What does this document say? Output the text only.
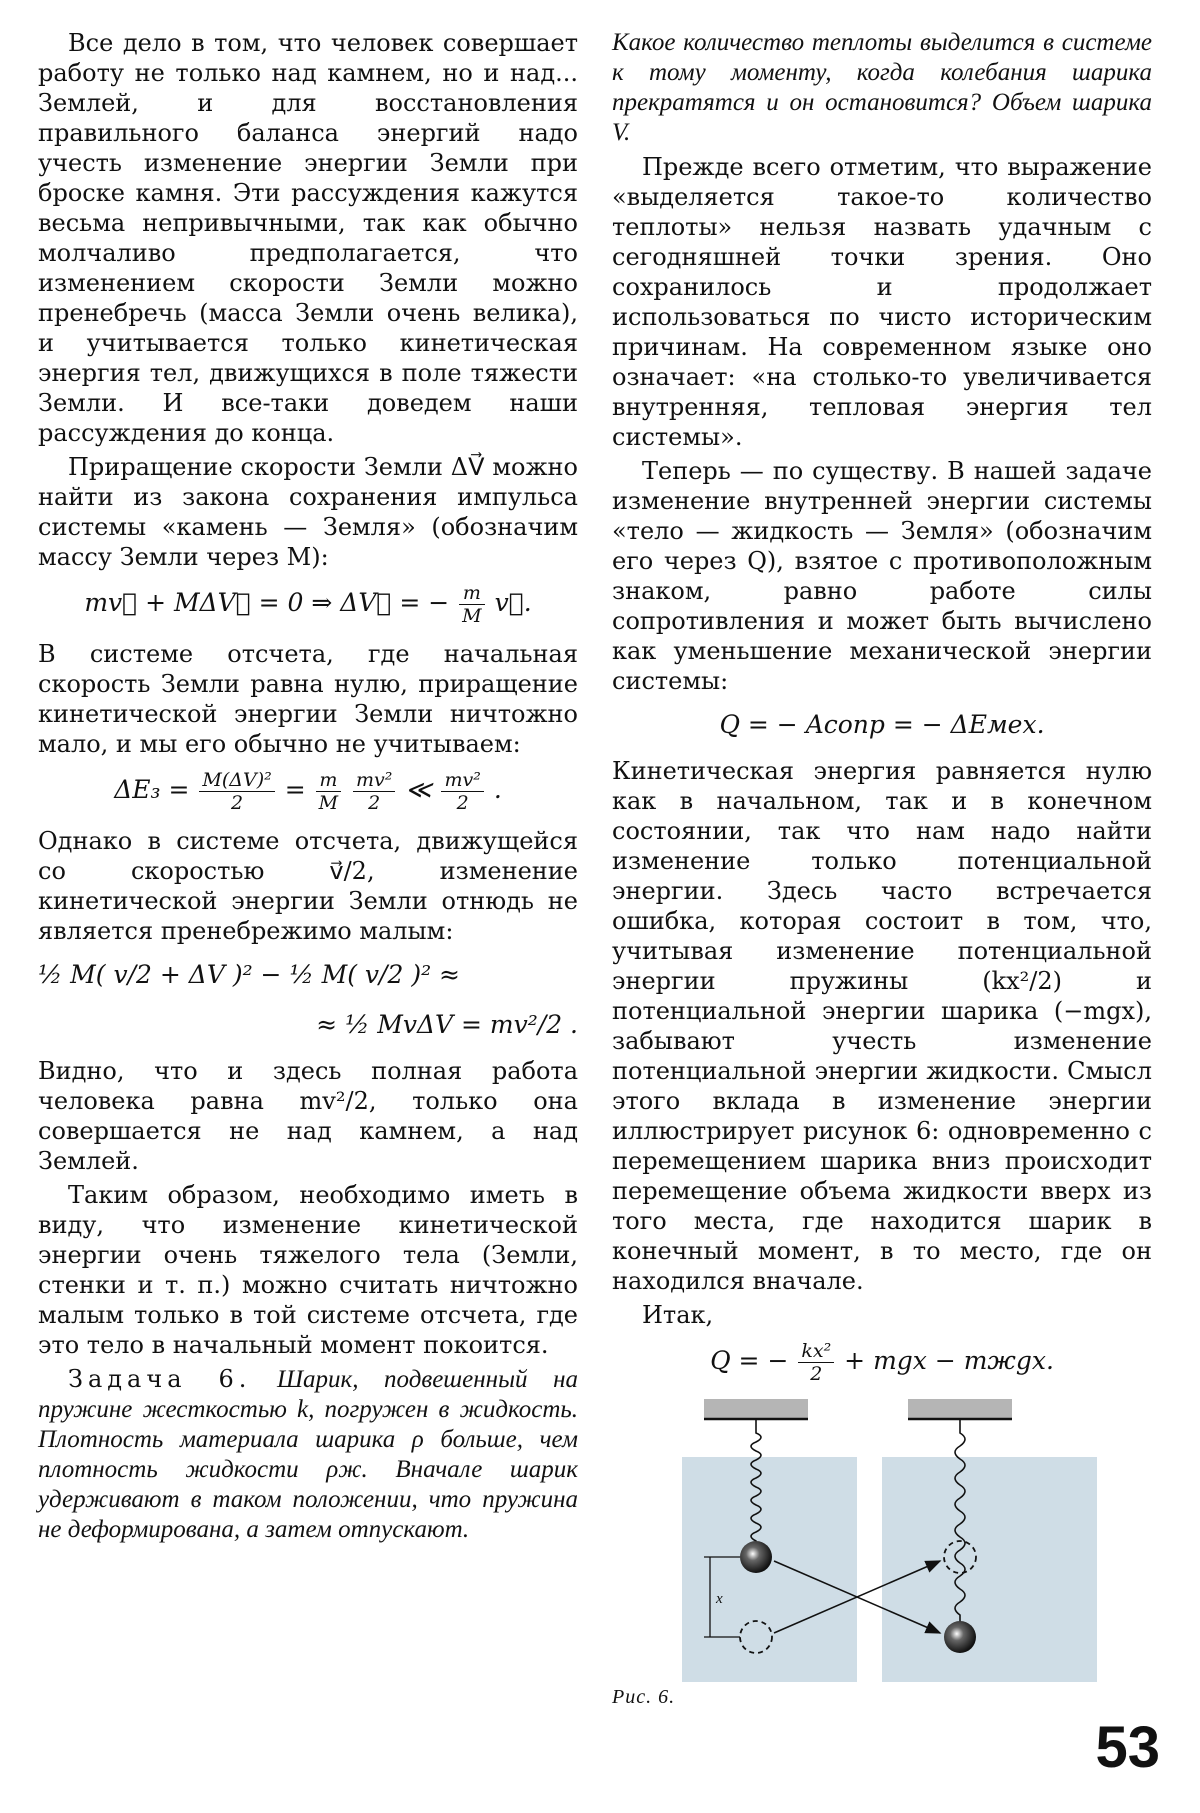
Все дело в том, что человек совершает работу не только над камнем, но и над... Землей, и для восстановления правильного баланса энергий надо учесть изменение энергии Земли при броске камня. Эти рассуждения кажутся весьма непривычными, так как обычно молчаливо предполагается, что изменением скорости Земли можно пренебречь (масса Земли очень велика), и учитывается только кинетическая энергия тел, движущихся в поле тяжести Земли. И все-таки доведем наши рассуждения до конца.

Приращение скорости Земли ΔV⃗ можно найти из закона сохранения импульса системы «камень — Земля» (обозначим массу Земли через M):

mv⃗ + MΔV⃗ = 0 ⇒ ΔV⃗ = − $\frac{m}{M}$ v⃗.

В системе отсчета, где начальная скорость Земли равна нулю, приращение кинетической энергии Земли ничтожно мало, и мы его обычно не учитываем:

$\Delta E_3 = \frac{\text{M(ΔV)²}}{2} = \frac{m}{M}$
$\frac{\text{mv²}}{2}$ ≪ $\frac{\text{mv²}}{2}$ .

Однако в системе отсчета, движущейся со скоростью v⃗/2, изменение кинетической энергии Земли отнюдь не является пренебрежимо малым:

½ M( v/2 + ΔV )² − ½ M( v/2 )² ≈
≈ ½ MvΔV = mv²/2 .

Видно, что и здесь полная работа человека равна mv²/2, только она совершается не над камнем, а над Землей.

Таким образом, необходимо иметь в виду, что изменение кинетической энергии очень тяжелого тела (Земли, стенки и т. п.) можно считать ничтожно малым только в той системе отсчета, где это тело в начальный момент покоится.

Задача 6. Шарик, подвешенный на пружине жесткостью k, погружен в жидкость. Плотность материала шарика ρ больше, чем плотность жидкости ρж. Вначале шарик удерживают в таком положении, что пружина не деформирована, а затем отпускают.

Какое количество теплоты выделится в системе к тому моменту, когда колебания шарика прекратятся и он остановится? Объем шарика V.

Прежде всего отметим, что выражение «выделяется такое-то количество теплоты» нельзя назвать удачным с сегодняшней точки зрения. Оно сохранилось и продолжает использоваться по чисто историческим причинам. На современном языке оно означает: «на столько-то увеличивается внутренняя, тепловая энергия тел системы».

Теперь — по существу. В нашей задаче изменение внутренней энергии системы «тело — жидкость — Земля» (обозначим его через Q), взятое с противоположным знаком, равно работе силы сопротивления и может быть вычислено как уменьшение механической энергии системы:

Q = − Aсопр = − ΔEмех.

Кинетическая энергия равняется нулю как в начальном, так и в конечном состоянии, так что нам надо найти изменение только потенциальной энергии. Здесь часто встречается ошибка, которая состоит в том, что, учитывая изменение потенциальной энергии пружины (kx²/2) и потенциальной энергии шарика (−mgx), забывают учесть изменение потенциальной энергии жидкости. Смысл этого вклада в изменение энергии иллюстрирует рисунок 6: одновременно с перемещением шарика вниз происходит перемещение объема жидкости вверх из того места, где находится шарик в конечный момент, в то место, где он находился вначале.

Итак,

Q = − $\frac{\text{kx²}}{2}$ + mgx − mжgx.
x
Рис. 6.
53
